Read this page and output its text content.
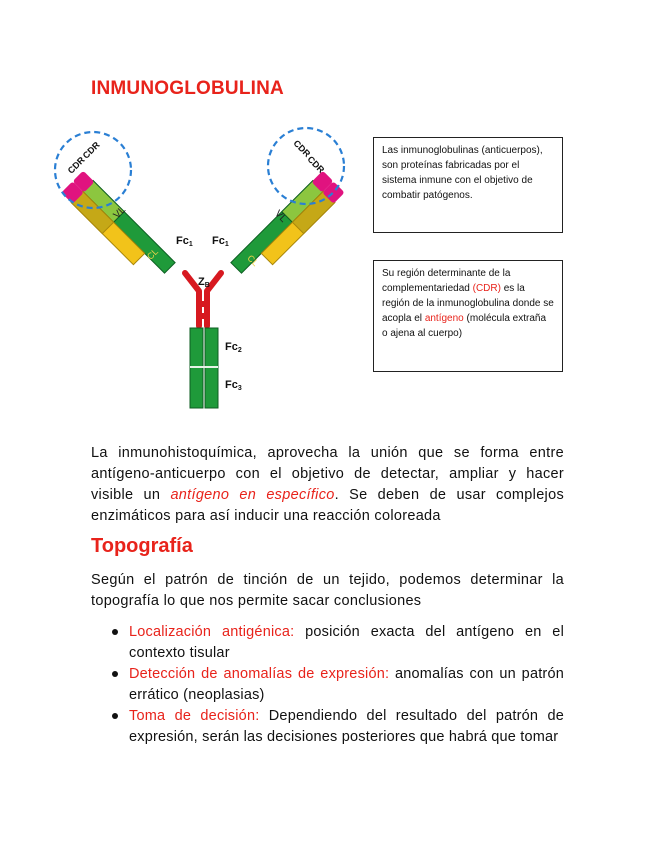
INMUNOGLOBULINA
CDR
CDR	CDR
CDR
VH
VL	VH
VL
CL	CL
Fc1 Fc1
ZB
Fc2
Fc3
Las inmunoglobulinas (anticuerpos), son proteínas fabricadas por el sistema inmune con el objetivo de combatir patógenos.
Su región determinante de la complementariedad (CDR) es la región de la inmunoglobulina donde se acopla el antígeno (molécula extraña o ajena al cuerpo)

La inmunohistoquímica, aprovecha la unión que se forma entre antígeno-anticuerpo con el objetivo de detectar, ampliar y hacer visible un antígeno en específico. Se deben de usar complejos enzimáticos para así inducir una reacción coloreada

Topografía

Según el patrón de tinción de un tejido, podemos determinar la topografía lo que nos permite sacar conclusiones

Localización antigénica: posición exacta del antígeno en el contexto tisular
Detección de anomalías de expresión: anomalías con un patrón errático (neoplasias)
Toma de decisión: Dependiendo del resultado del patrón de expresión, serán las decisiones posteriores que habrá que tomar
